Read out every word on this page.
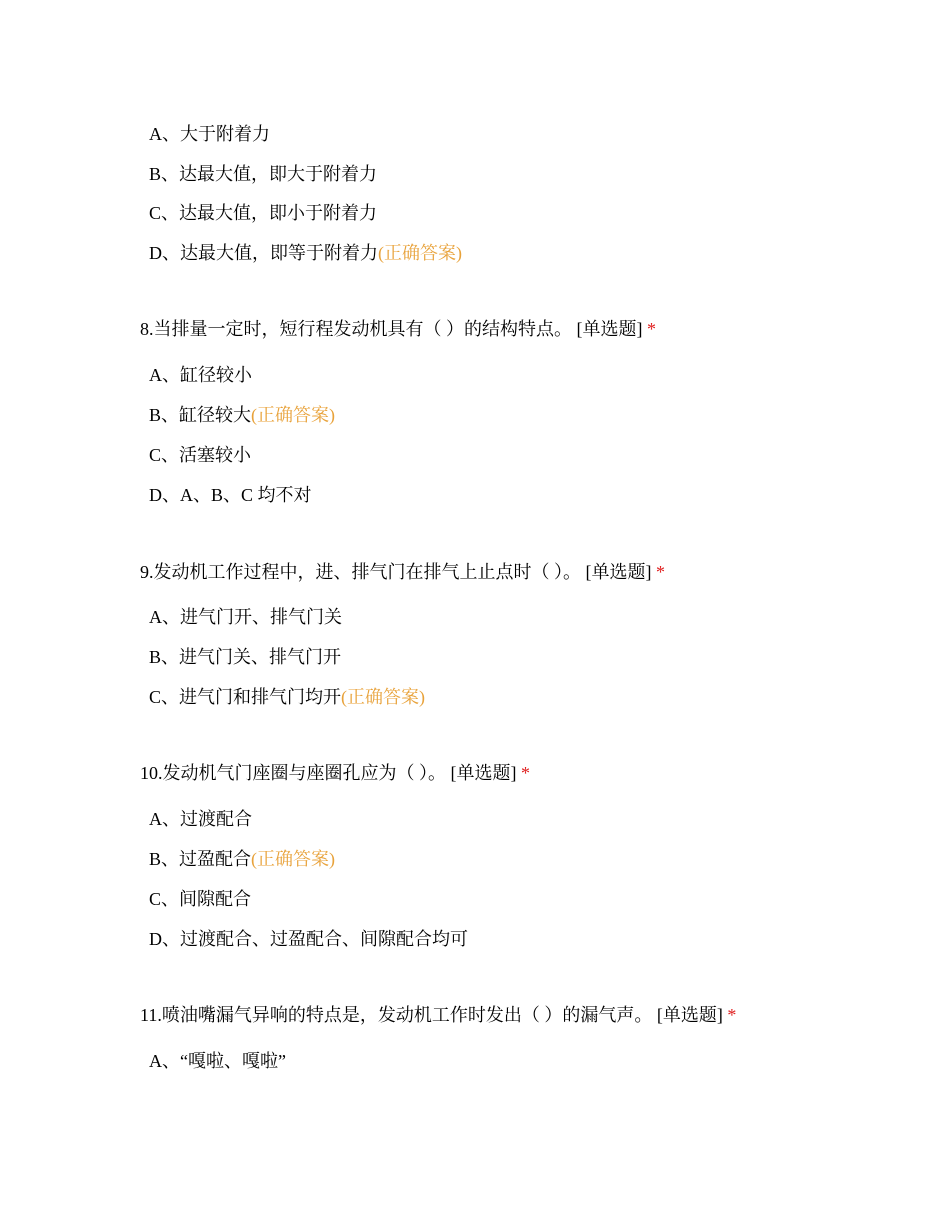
A、大于附着力
B、达最大值，即大于附着力
C、达最大值，即小于附着力
D、达最大值，即等于附着力(正确答案)
8.当排量一定时，短行程发动机具有（ ）的结构特点。 [单选题] *
A、缸径较小
B、缸径较大(正确答案)
C、活塞较小
D、A、B、C 均不对
9.发动机工作过程中，进、排气门在排气上止点时（ ）。 [单选题] *
A、进气门开、排气门关
B、进气门关、排气门开
C、进气门和排气门均开(正确答案)
10.发动机气门座圈与座圈孔应为（ ）。 [单选题] *
A、过渡配合
B、过盈配合(正确答案)
C、间隙配合
D、过渡配合、过盈配合、间隙配合均可
11.喷油嘴漏气异响的特点是，发动机工作时发出（ ）的漏气声。 [单选题] *
A、“嘎啦、嘎啦”
